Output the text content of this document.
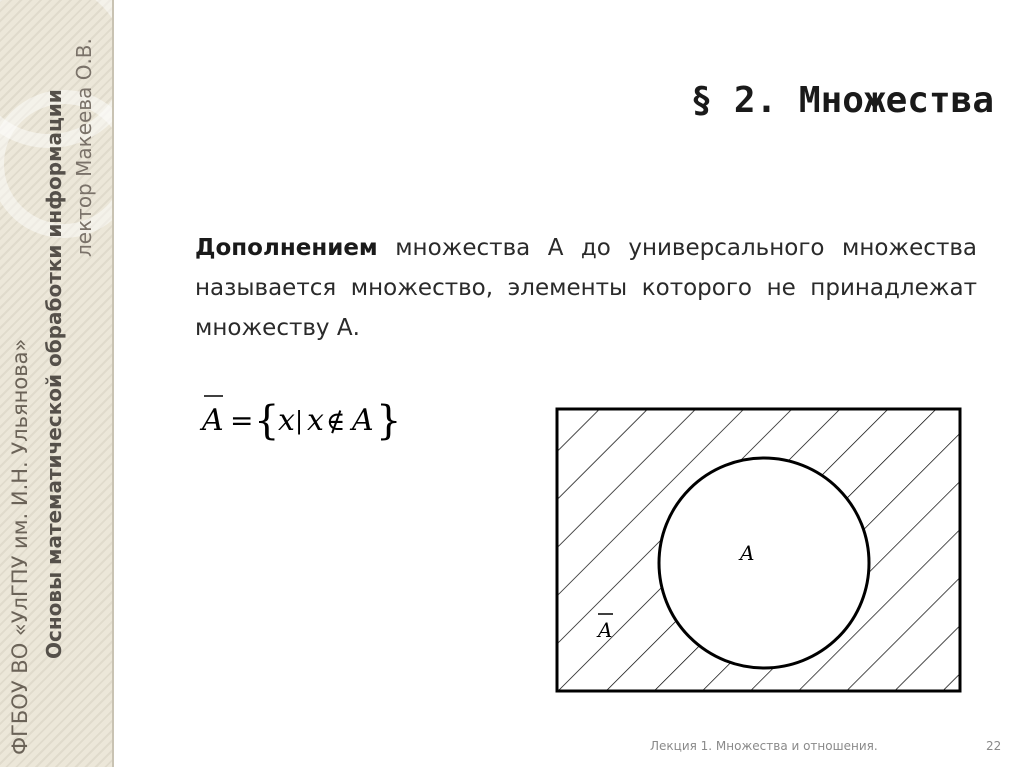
ФГБОУ ВО «УлГПУ им. И.Н. Ульянова» Основы математической обработки информации лектор Макеева О.В.	§ 2. Множества
Дополнением множества А до универсального множества называется множество, элементы которого не принадлежат множеству А.
A = {
x | x ∉ A }
A
A
Лекция 1. Множества и отношения.	22
